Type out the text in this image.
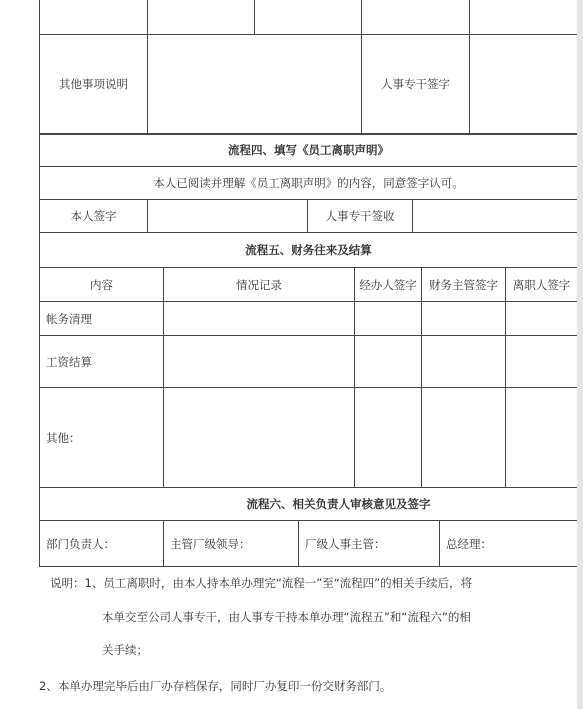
其他事项说明			人事专干签字	
流程四、填写《员工离职声明》
本人已阅读并理解《员工离职声明》的内容，同意签字认可。
本人签字		人事专干签收	
流程五、财务往来及结算				
内容	情况记录	经办人签字	财务主管签字	离职人签字
帐务清理				
工资结算				
其他：				
流程六、相关负责人审核意见及签字
部门负责人：	主管厂级领导：	厂级人事主管：	总经理：
说明：1、员工离职时，由本人持本单办理完“流程一”至“流程四”的相关手续后，将
本单交至公司人事专干，由人事专干持本单办理“流程五”和“流程六”的相
关手续；
2、本单办理完毕后由厂办存档保存，同时厂办复印一份交财务部门。
